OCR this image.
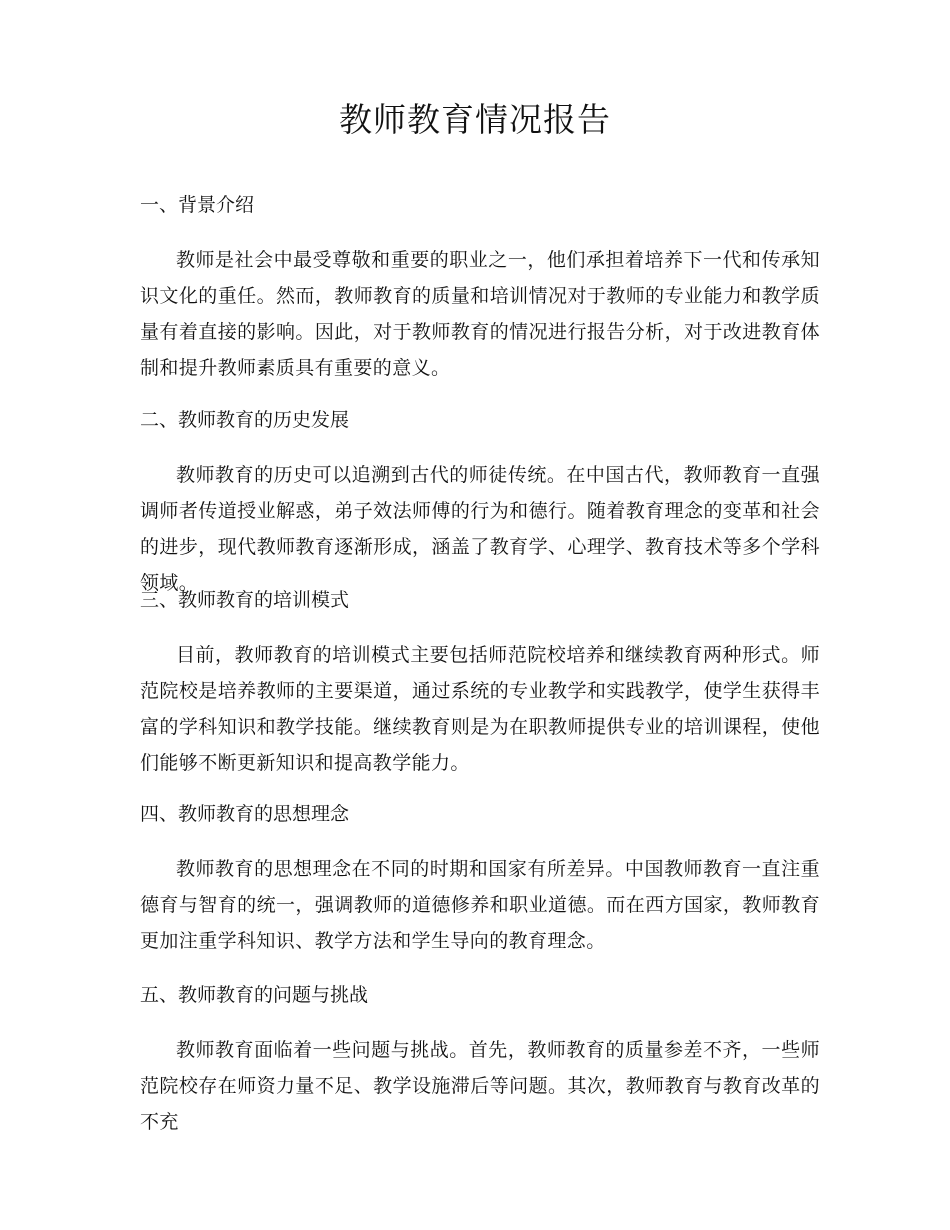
教师教育情况报告
一、背景介绍

教师是社会中最受尊敬和重要的职业之一，他们承担着培养下一代和传承知识文化的重任。然而，教师教育的质量和培训情况对于教师的专业能力和教学质量有着直接的影响。因此，对于教师教育的情况进行报告分析，对于改进教育体制和提升教师素质具有重要的意义。

二、教师教育的历史发展

教师教育的历史可以追溯到古代的师徒传统。在中国古代，教师教育一直强调师者传道授业解惑，弟子效法师傅的行为和德行。随着教育理念的变革和社会的进步，现代教师教育逐渐形成，涵盖了教育学、心理学、教育技术等多个学科领域。

三、教师教育的培训模式

目前，教师教育的培训模式主要包括师范院校培养和继续教育两种形式。师范院校是培养教师的主要渠道，通过系统的专业教学和实践教学，使学生获得丰富的学科知识和教学技能。继续教育则是为在职教师提供专业的培训课程，使他们能够不断更新知识和提高教学能力。

四、教师教育的思想理念

教师教育的思想理念在不同的时期和国家有所差异。中国教师教育一直注重德育与智育的统一，强调教师的道德修养和职业道德。而在西方国家，教师教育更加注重学科知识、教学方法和学生导向的教育理念。

五、教师教育的问题与挑战

教师教育面临着一些问题与挑战。首先，教师教育的质量参差不齐，一些师范院校存在师资力量不足、教学设施滞后等问题。其次，教师教育与教育改革的不充
